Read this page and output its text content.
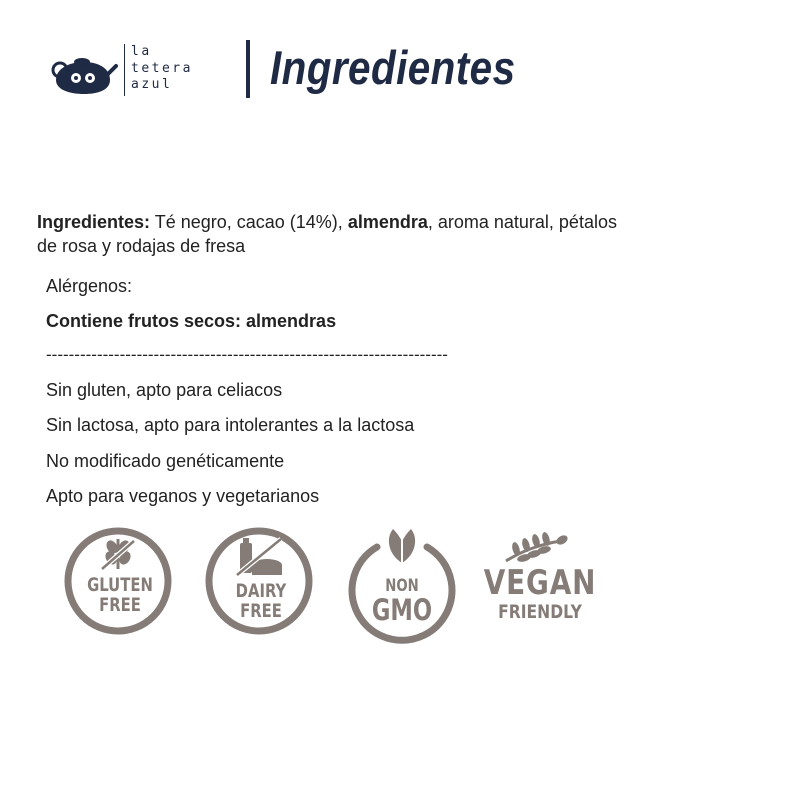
la
tetera
azul	Ingredientes
Ingredientes: Té negro, cacao (14%), almendra, aroma natural, pétalos de rosa y rodajas de fresa
Alérgenos:
Contiene frutos secos: almendras
-----------------------------------------------------------------------
Sin gluten, apto para celiacos
Sin lactosa, apto para intolerantes a la lactosa
No modificado genéticamente
Apto para veganos y vegetarianos
GLUTEN
FREE
DAIRY
FREE
NON
GMO
VEGAN
FRIENDLY
